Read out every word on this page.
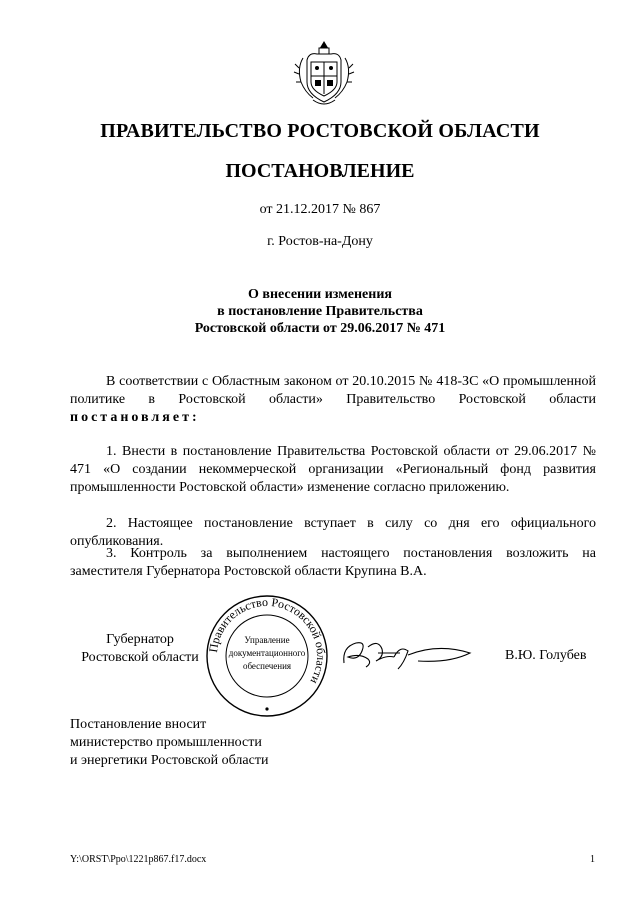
ПРАВИТЕЛЬСТВО РОСТОВСКОЙ ОБЛАСТИ
ПОСТАНОВЛЕНИЕ
от 21.12.2017 № 867
г. Ростов-на-Дону
О внесении изменения
в постановление Правительства
Ростовской области от 29.06.2017 № 471
В соответствии с Областным законом от 20.10.2015 № 418-ЗС «О промышленной политике в Ростовской области» Правительство Ростовской области постановляет:
1. Внести в постановление Правительства Ростовской области от 29.06.2017 № 471 «О создании некоммерческой организации «Региональный фонд развития промышленности Ростовской области» изменение согласно приложению.
2. Настоящее постановление вступает в силу со дня его официального опубликования.
3. Контроль за выполнением настоящего постановления возложить на заместителя Губернатора Ростовской области Крупина В.А.
Губернатор
Ростовской области
Правительство Ростовской области
Управление
документационного
обеспечения
В.Ю. Голубев
Постановление вносит
министерство промышленности
и энергетики Ростовской области
Y:\ORST\Ppo\1221p867.f17.docx	1
